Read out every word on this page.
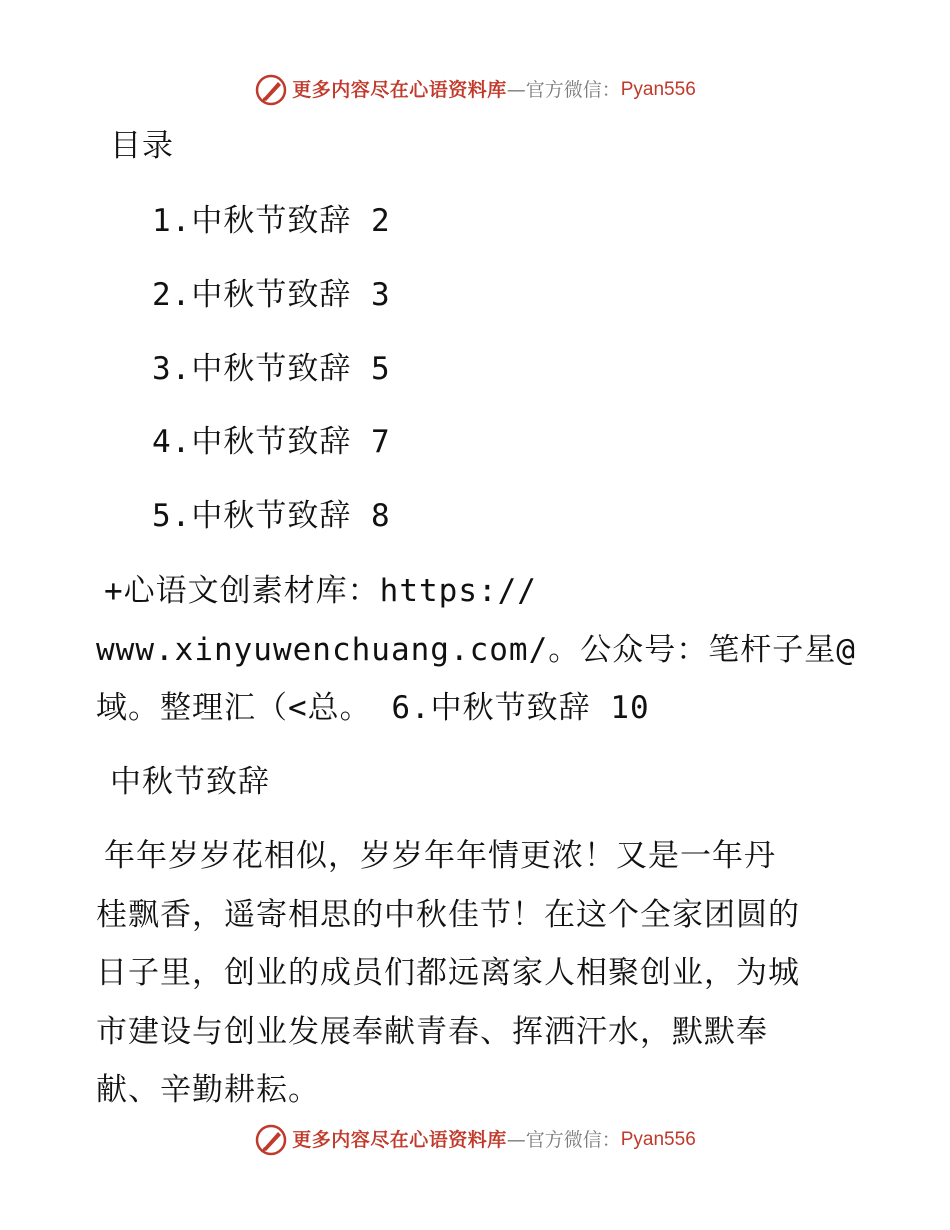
更多内容尽在心语资料库 — 官方微信： Pyan556
目录
1.中秋节致辞 2
2.中秋节致辞 3
3.中秋节致辞 5
4.中秋节致辞 7
5.中秋节致辞 8
+心语文创素材库：https://
www.xinyuwenchuang.com/。公众号：笔杆子星@
域。整理汇（<总。 6.中秋节致辞 10
中秋节致辞
年年岁岁花相似，岁岁年年情更浓！又是一年丹
桂飘香，遥寄相思的中秋佳节！在这个全家团圆的
日子里，创业的成员们都远离家人相聚创业，为城
市建设与创业发展奉献青春、挥洒汗水，默默奉
献、辛勤耕耘。
更多内容尽在心语资料库 — 官方微信： Pyan556
